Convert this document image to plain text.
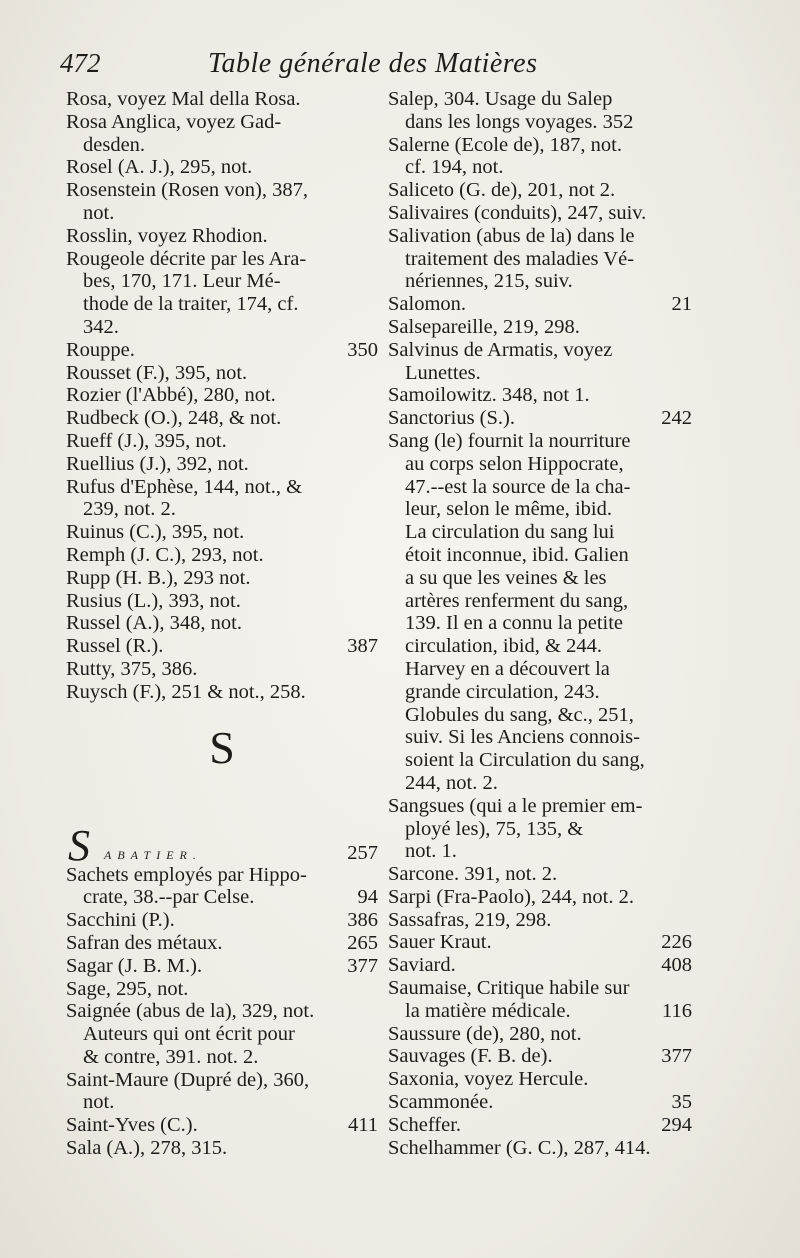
472	Table générale des Matières
Rosa, voyez Mal della Rosa.
Rosa Anglica, voyez Gad-
desden.
Rosel (A. J.), 295, not.
Rosenstein (Rosen von), 387,
not.
Rosslin, voyez Rhodion.
Rougeole décrite par les Ara-
bes, 170, 171. Leur Mé-
thode de la traiter, 174, cf.
342.
Rouppe.	350
Rousset (F.), 395, not.
Rozier (l'Abbé), 280, not.
Rudbeck (O.), 248, & not.
Rueff (J.), 395, not.
Ruellius (J.), 392, not.
Rufus d'Ephèse, 144, not., &
239, not. 2.
Ruinus (C.), 395, not.
Remph (J. C.), 293, not.
Rupp (H. B.), 293 not.
Rusius (L.), 393, not.
Russel (A.), 348, not.
Russel (R.).	387
Rutty, 375, 386.
Ruysch (F.), 251 & not., 258.
S
S ABATIER.	257
Sachets employés par Hippo-
crate, 38.--par Celse.	94
Sacchini (P.).	386
Safran des métaux.	265
Sagar (J. B. M.).	377
Sage, 295, not.
Saignée (abus de la), 329, not.
Auteurs qui ont écrit pour
& contre, 391. not. 2.
Saint-Maure (Dupré de), 360,
not.
Saint-Yves (C.).	411
Sala (A.), 278, 315.
Salep, 304. Usage du Salep
dans les longs voyages. 352
Salerne (Ecole de), 187, not.
cf. 194, not.
Saliceto (G. de), 201, not 2.
Salivaires (conduits), 247, suiv.
Salivation (abus de la) dans le
traitement des maladies Vé-
nériennes, 215, suiv.
Salomon.	21
Salsepareille, 219, 298.
Salvinus de Armatis, voyez
Lunettes.
Samoilowitz. 348, not 1.
Sanctorius (S.).	242
Sang (le) fournit la nourriture
au corps selon Hippocrate,
47.--est la source de la cha-
leur, selon le même, ibid.
La circulation du sang lui
étoit inconnue, ibid. Galien
a su que les veines & les
artères renferment du sang,
139. Il en a connu la petite
circulation, ibid, & 244.
Harvey en a découvert la
grande circulation, 243.
Globules du sang, &c., 251,
suiv. Si les Anciens connois-
soient la Circulation du sang,
244, not. 2.
Sangsues (qui a le premier em-
ployé les), 75, 135, &
not. 1.
Sarcone. 391, not. 2.
Sarpi (Fra-Paolo), 244, not. 2.
Sassafras, 219, 298.
Sauer Kraut.	226
Saviard.	408
Saumaise, Critique habile sur
la matière médicale.	116
Saussure (de), 280, not.
Sauvages (F. B. de).	377
Saxonia, voyez Hercule.
Scammonée.	35
Scheffer.	294
Schelhammer (G. C.), 287, 414.
